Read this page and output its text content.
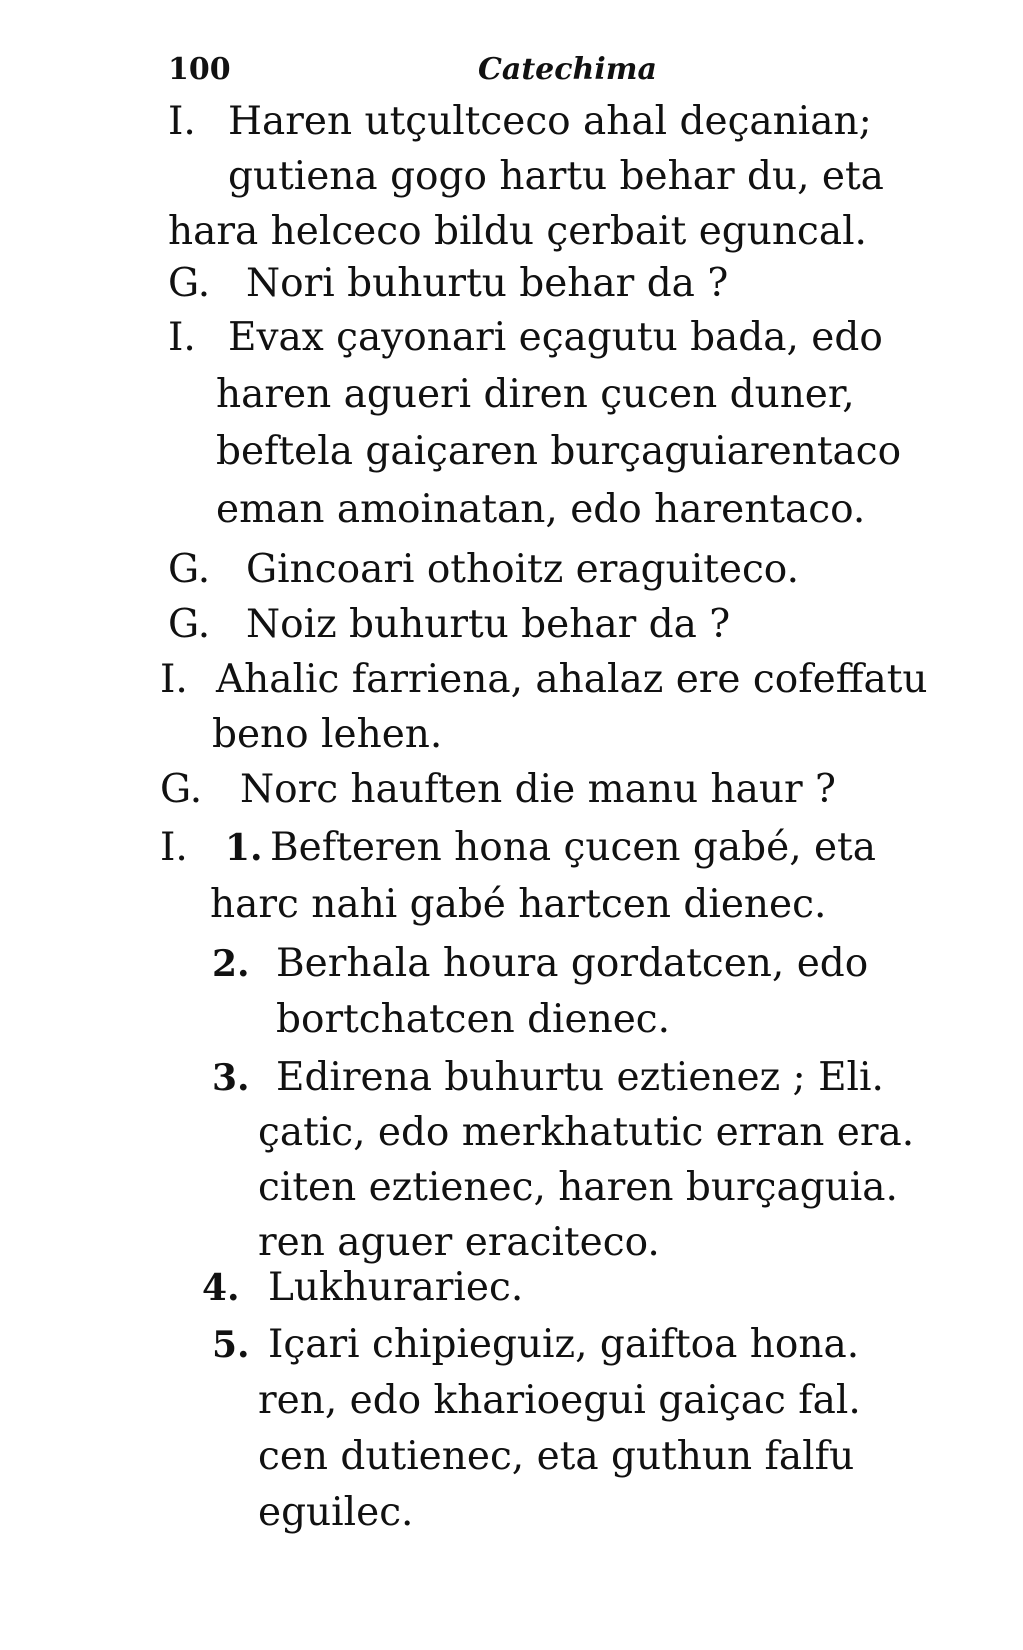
100	Catechima
I.
G.
I.
G.
G.
I.
G.
I. 1.
2.
3.
4.
5.
Haren utçultceco ahal deçanian;
gutiena gogo hartu behar du, eta
hara helceco bildu çerbait eguncal.
Nori buhurtu behar da ?
Evax çayonari eçagutu bada, edo
haren agueri diren çucen duner,
beftela gaiçaren burçaguiarentaco
eman amoinatan, edo harentaco.
Gincoari othoitz eraguiteco.
Noiz buhurtu behar da ?
Ahalic farriena, ahalaz ere cofeffatu
beno lehen.
Norc hauften die manu haur ?
Befteren hona çucen gabé, eta
harc nahi gabé hartcen dienec.
Berhala houra gordatcen, edo
bortchatcen dienec.
Edirena buhurtu eztienez ; Eli.
çatic, edo merkhatutic erran era.
citen eztienec, haren burçaguia.
ren aguer eraciteco.
Lukhurariec.
Içari chipieguiz, gaiftoa hona.
ren, edo kharioegui gaiçac fal.
cen dutienec, eta guthun falfu
eguilec.
